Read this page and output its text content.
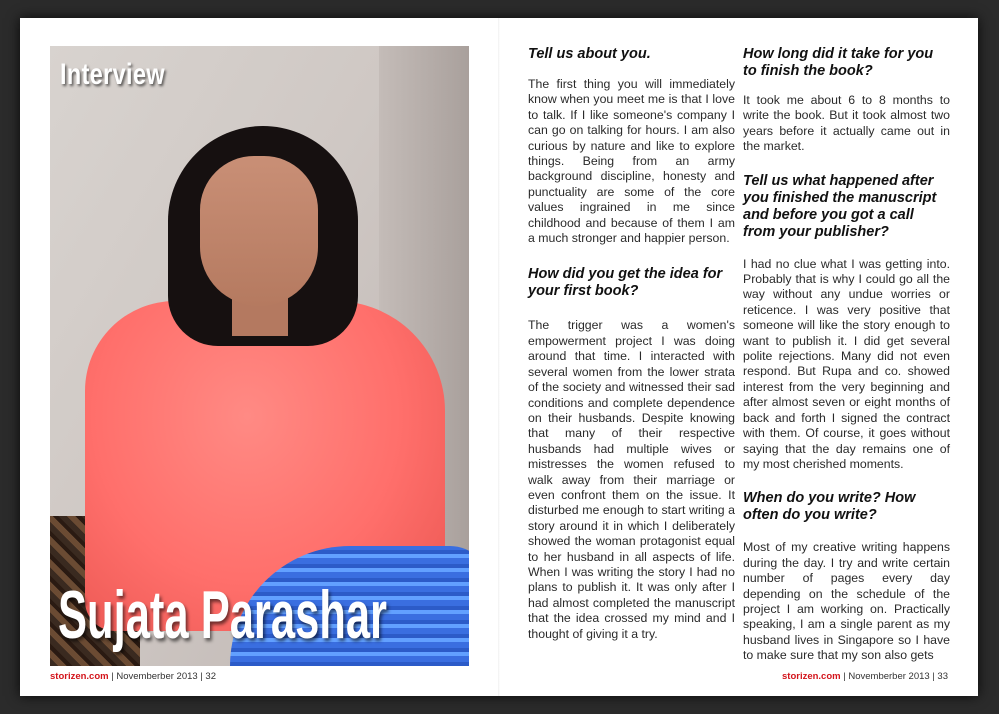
Interview
Sujata Parashar
storizen.com | Novemberber 2013 | 32
Tell us about you.
The first thing you will immediately know when you meet me is that I love to talk. If I like someone's company I can go on talking for hours. I am also curious by nature and like to explore things. Being from an army background discipline, honesty and punctuality are some of the core values ingrained in me since childhood and because of them I am a much stronger and happier person.
How did you get the idea for your first book?
The trigger was a women's empowerment project I was doing around that time. I interacted with several women from the lower strata of the society and witnessed their sad conditions and complete dependence on their husbands. Despite knowing that many of their respective husbands had multiple wives or mistresses the women refused to walk away from their marriage or even confront them on the issue. It disturbed me enough to start writing a story around it in which I deliberately showed the woman protagonist equal to her husband in all aspects of life. When I was writing the story I had no plans to publish it. It was only after I had almost completed the manuscript that the idea crossed my mind and I thought of giving it a try.
How long did it take for you to finish the book?
It took me about 6 to 8 months to write the book. But it took almost two years before it actually came out in the market.
Tell us what happened after you finished the manuscript and before you got a call from your publisher?
I had no clue what I was getting into. Probably that is why I could go all the way without any undue worries or reticence. I was very positive that someone will like the story enough to want to publish it. I did get several polite rejections. Many did not even respond. But Rupa and co. showed interest from the very beginning and after almost seven or eight months of back and forth I signed the contract with them. Of course, it goes without saying that the day remains one of my most cherished moments.
When do you write? How often do you write?
Most of my creative writing happens during the day. I try and write certain number of pages every day depending on the schedule of the project I am working on. Practically speaking, I am a single parent as my husband lives in Singapore so I have to make sure that my son also gets
storizen.com | Novemberber 2013 | 33
